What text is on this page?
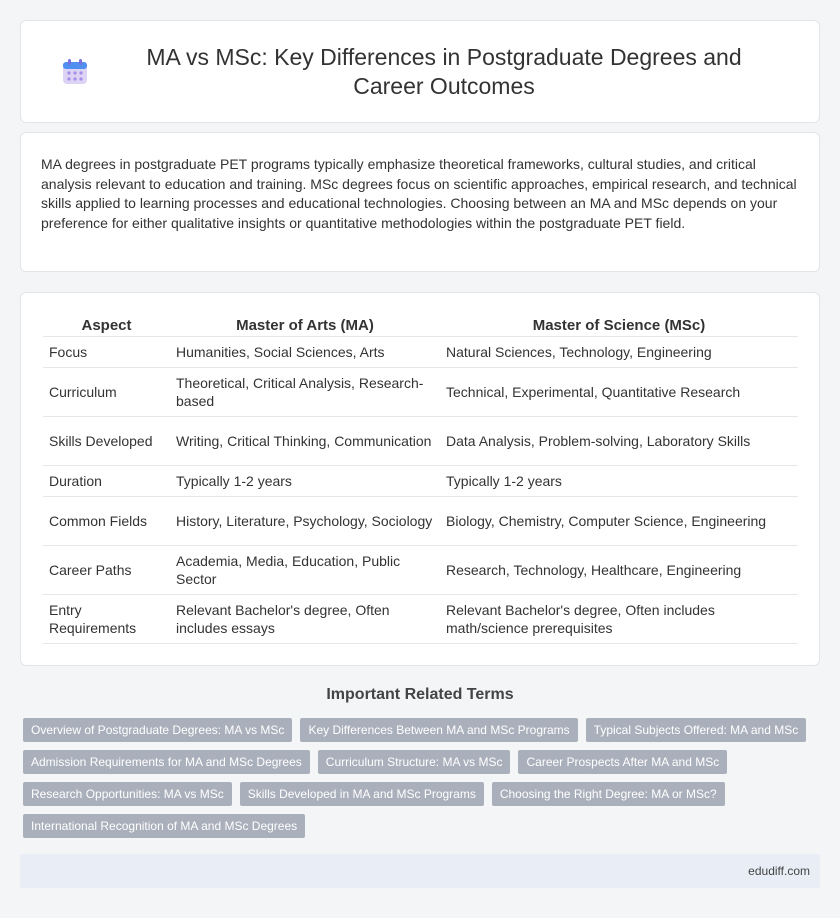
MA vs MSc: Key Differences in Postgraduate Degrees and Career Outcomes

MA degrees in postgraduate PET programs typically emphasize theoretical frameworks, cultural studies, and critical analysis relevant to education and training. MSc degrees focus on scientific approaches, empirical research, and technical skills applied to learning processes and educational technologies. Choosing between an MA and MSc depends on your preference for either qualitative insights or quantitative methodologies within the postgraduate PET field.

Aspect	Master of Arts (MA)	Master of Science (MSc)
Focus	Humanities, Social Sciences, Arts	Natural Sciences, Technology, Engineering
Curriculum	Theoretical, Critical Analysis, Research-based	Technical, Experimental, Quantitative Research
Skills Developed	Writing, Critical Thinking, Communication	Data Analysis, Problem-solving, Laboratory Skills
Duration	Typically 1-2 years	Typically 1-2 years
Common Fields	History, Literature, Psychology, Sociology	Biology, Chemistry, Computer Science, Engineering
Career Paths	Academia, Media, Education, Public Sector	Research, Technology, Healthcare, Engineering
Entry Requirements	Relevant Bachelor's degree, Often includes essays	Relevant Bachelor's degree, Often includes math/science prerequisites
Important Related Terms
Overview of Postgraduate Degrees: MA vs MSc	Key Differences Between MA and MSc Programs	Typical Subjects Offered: MA and MSc
Admission Requirements for MA and MSc Degrees	Curriculum Structure: MA vs MSc	Career Prospects After MA and MSc
Research Opportunities: MA vs MSc	Skills Developed in MA and MSc Programs	Choosing the Right Degree: MA or MSc?
International Recognition of MA and MSc Degrees
edudiff.com
